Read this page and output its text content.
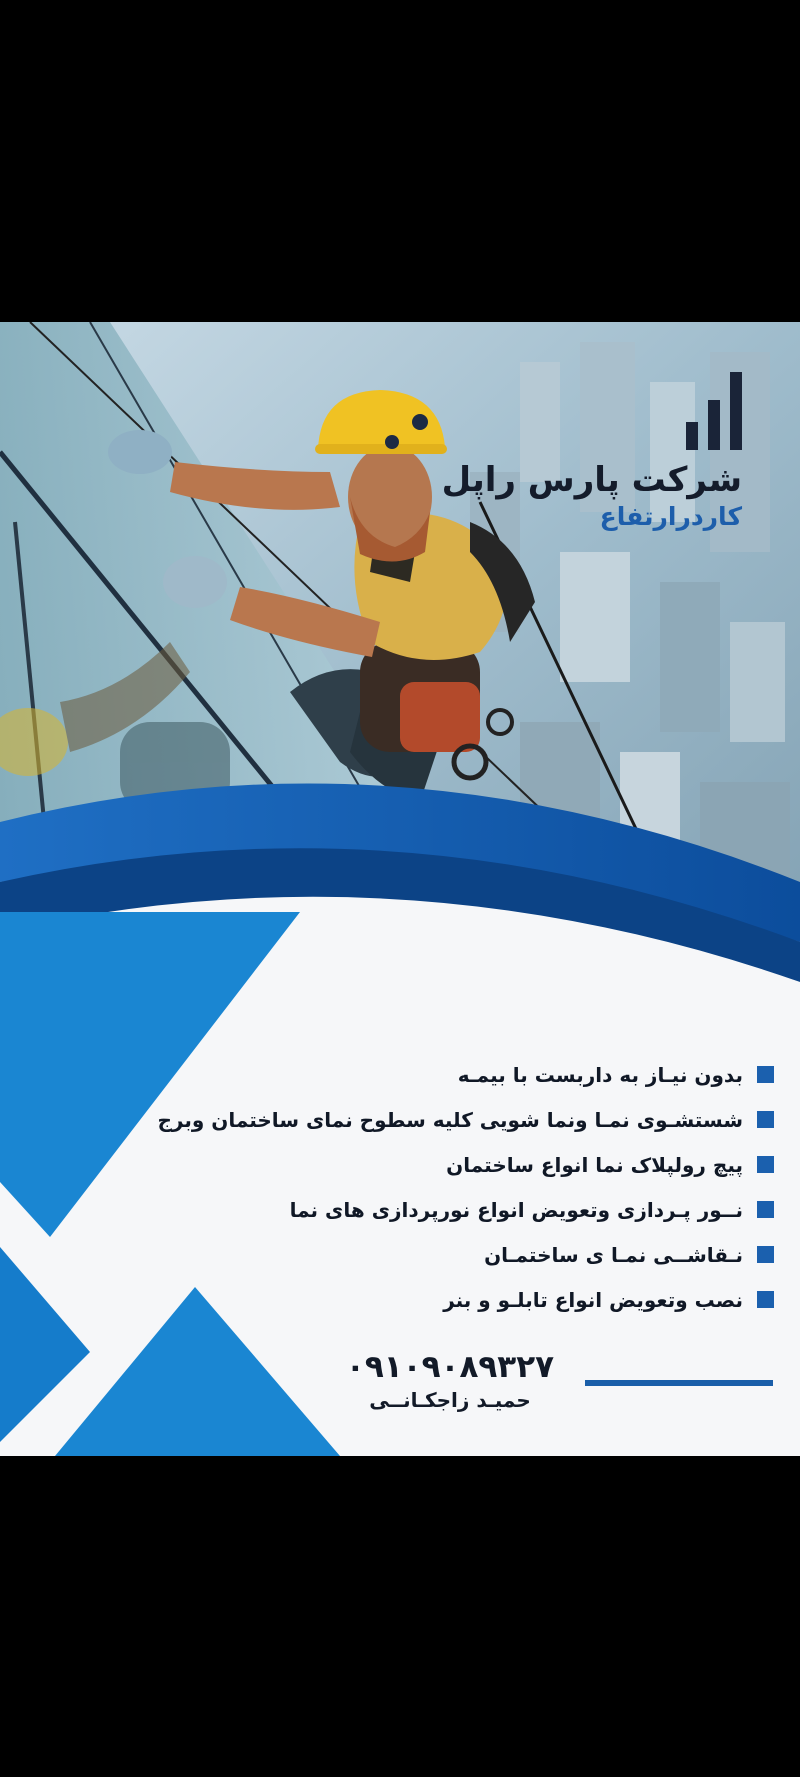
شرکت پارس راپل
کاردرارتفاع
بدون نیـاز به داربست با بیمـه
شستشـوی نمـا ونما شویی کلیه سطوح نمای ساختمان وبرج
پیچ رولپلاک نما انواع ساختمان
نــور پـردازی وتعویض انواع نورپردازی های نما
نـقاشــی نمـا ی ساختمـان
نصب وتعویض انواع تابلـو و بنر
۰۹۱۰۹۰۸۹۳۲۷
حمیـد زاجکـانــی
